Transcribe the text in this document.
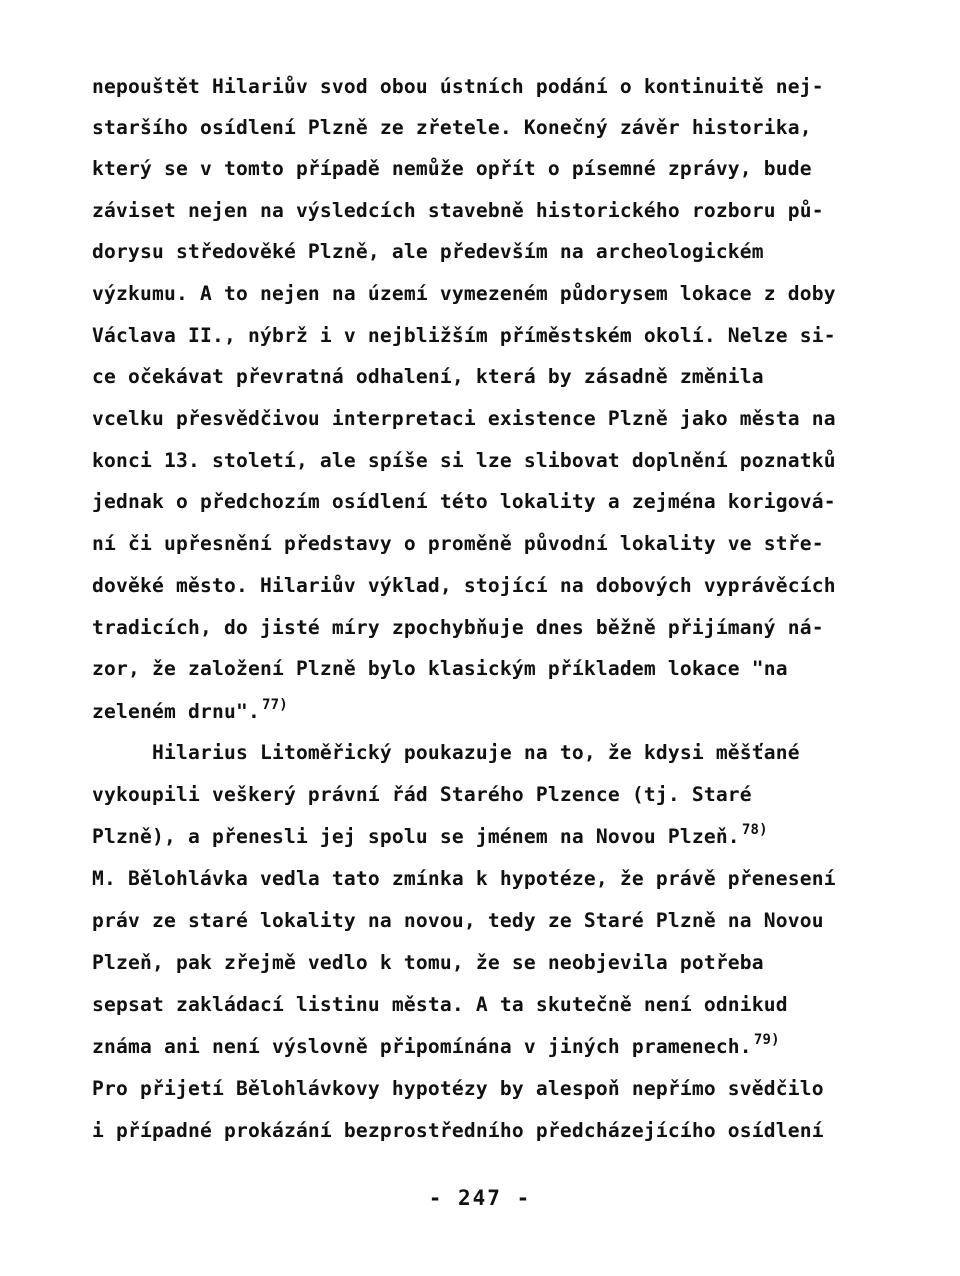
nepouštět Hilariův svod obou ústních podání o kontinuitě nej-
staršího osídlení Plzně ze zřetele. Konečný závěr historika,
který se v tomto případě nemůže opřít o písemné zprávy, bude
záviset nejen na výsledcích stavebně historického rozboru pů-
dorysu středověké Plzně, ale především na archeologickém
výzkumu. A to nejen na území vymezeném půdorysem lokace z doby
Václava II., nýbrž i v nejbližším příměstském okolí. Nelze si-
ce očekávat převratná odhalení, která by zásadně změnila
vcelku přesvědčivou interpretaci existence Plzně jako města na
konci 13. století, ale spíše si lze slibovat doplnění poznatků
jednak o předchozím osídlení této lokality a zejména korigová-
ní či upřesnění představy o proměně původní lokality ve stře-
dověké město. Hilariův výklad, stojící na dobových vyprávěcích
tradicích, do jisté míry zpochybňuje dnes běžně přijímaný ná-
zor, že založení Plzně bylo klasickým příkladem lokace "na
zeleném drnu". $^{77)}$
Hilarius Litoměřický poukazuje na to, že kdysi měšťané
vykoupili veškerý právní řád Starého Plzence (tj. Staré
Plzně), a přenesli jej spolu se jménem na Novou Plzeň. $^{78)}$
M. Bělohlávka vedla tato zmínka k hypotéze, že právě přenesení
práv ze staré lokality na novou, tedy ze Staré Plzně na Novou
Plzeň, pak zřejmě vedlo k tomu, že se neobjevila potřeba
sepsat zakládací listinu města. A ta skutečně není odnikud
známa ani není výslovně připomínána v jiných pramenech. $^{79)}$
Pro přijetí Bělohlávkovy hypotézy by alespoň nepřímo svědčilo
i případné prokázání bezprostředního předcházejícího osídlení
- 247 -
